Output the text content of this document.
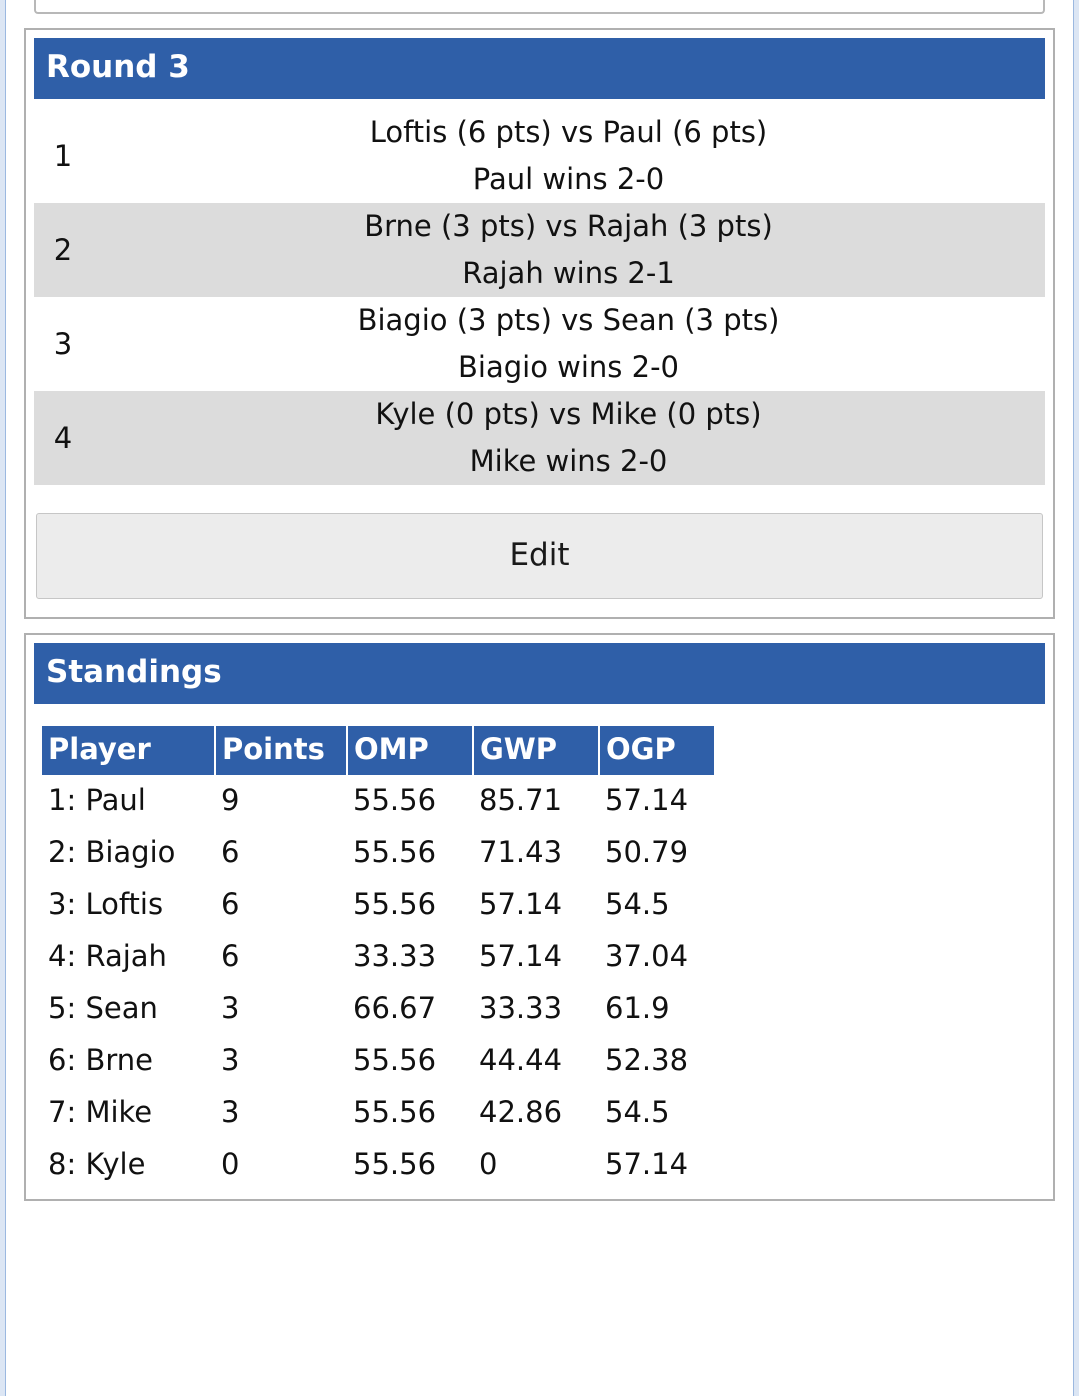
Round 3
1	Loftis (6 pts) vs Paul (6 pts)
Paul wins 2-0

2	Brne (3 pts) vs Rajah (3 pts)
Rajah wins 2-1

3	Biagio (3 pts) vs Sean (3 pts)
Biagio wins 2-0

4	Kyle (0 pts) vs Mike (0 pts)
Mike wins 2-0
Edit
Standings
Player	Points	OMP	GWP	OGP
1: Paul	9	55.56	85.71	57.14
2: Biagio	6	55.56	71.43	50.79
3: Loftis	6	55.56	57.14	54.5
4: Rajah	6	33.33	57.14	37.04
5: Sean	3	66.67	33.33	61.9
6: Brne	3	55.56	44.44	52.38
7: Mike	3	55.56	42.86	54.5
8: Kyle	0	55.56	0	57.14
